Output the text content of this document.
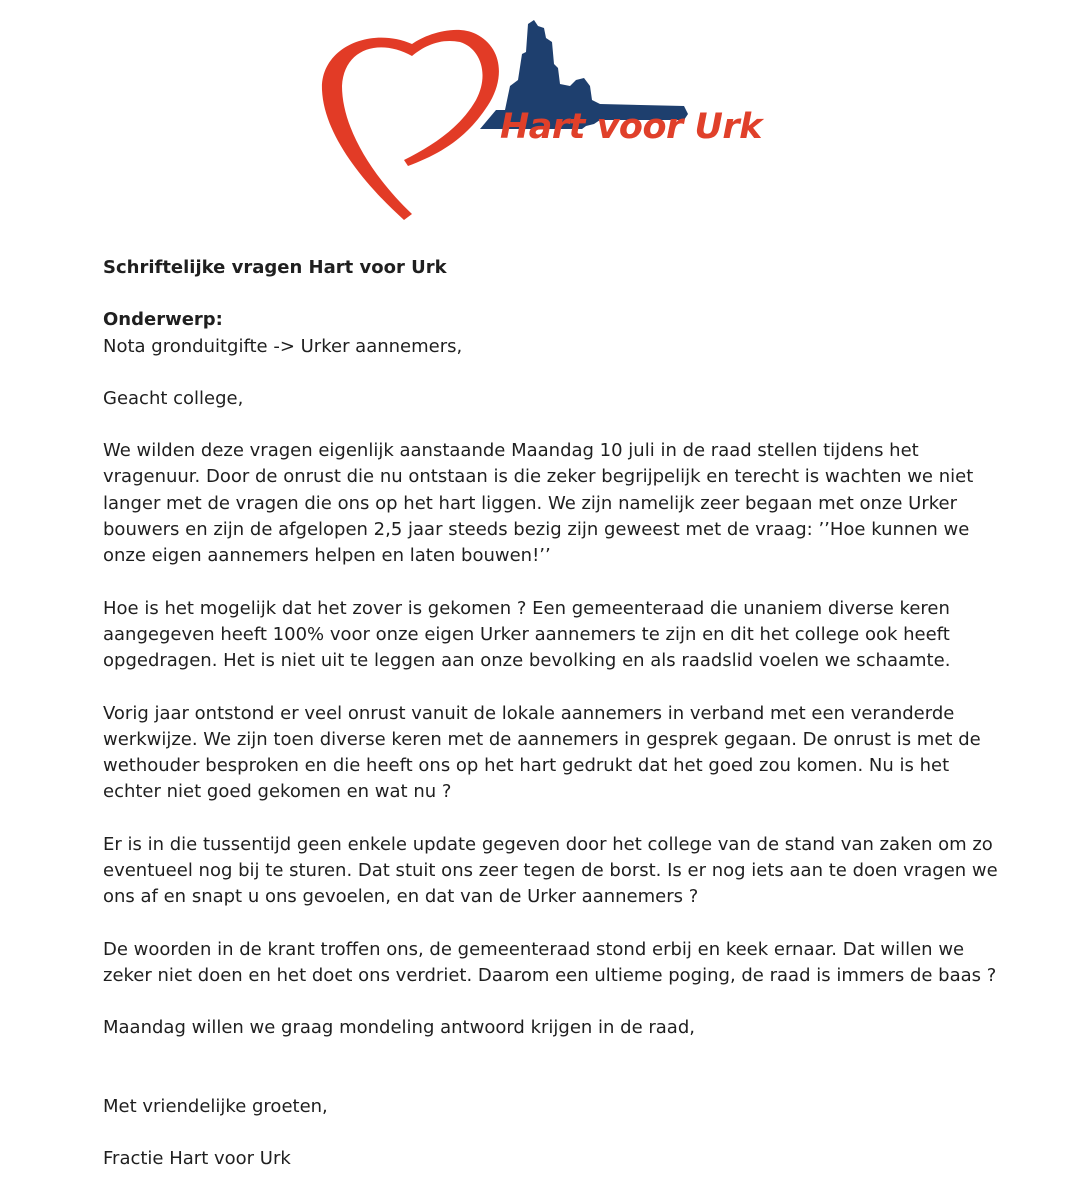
Hart voor Urk

Schriftelijke vragen Hart voor Urk

Onderwerp:

Nota gronduitgifte -> Urker aannemers,

Geacht college,

We wilden deze vragen eigenlijk aanstaande Maandag 10 juli in de raad stellen tijdens het vragenuur. Door de onrust die nu ontstaan is die zeker begrijpelijk en terecht is wachten we niet langer met de vragen die ons op het hart liggen. We zijn namelijk zeer begaan met onze Urker bouwers en zijn de afgelopen 2,5 jaar steeds bezig zijn geweest met de vraag: ’’Hoe kunnen we onze eigen aannemers helpen en laten bouwen!’’

Hoe is het mogelijk dat het zover is gekomen ? Een gemeenteraad die unaniem diverse keren aangegeven heeft 100% voor onze eigen Urker aannemers te zijn en dit het college ook heeft opgedragen. Het is niet uit te leggen aan onze bevolking en als raadslid voelen we schaamte.

Vorig jaar ontstond er veel onrust vanuit de lokale aannemers in verband met een veranderde werkwijze. We zijn toen diverse keren met de aannemers in gesprek gegaan. De onrust is met de wethouder besproken en die heeft ons op het hart gedrukt dat het goed zou komen. Nu is het echter niet goed gekomen en wat nu ?

Er is in die tussentijd geen enkele update gegeven door het college van de stand van zaken om zo eventueel nog bij te sturen. Dat stuit ons zeer tegen de borst. Is er nog iets aan te doen vragen we ons af en snapt u ons gevoelen, en dat van de Urker aannemers ?

De woorden in de krant troffen ons, de gemeenteraad stond erbij en keek ernaar. Dat willen we zeker niet doen en het doet ons verdriet. Daarom een ultieme poging, de raad is immers de baas ?

Maandag willen we graag mondeling antwoord krijgen in de raad,

Met vriendelijke groeten,

Fractie Hart voor Urk
